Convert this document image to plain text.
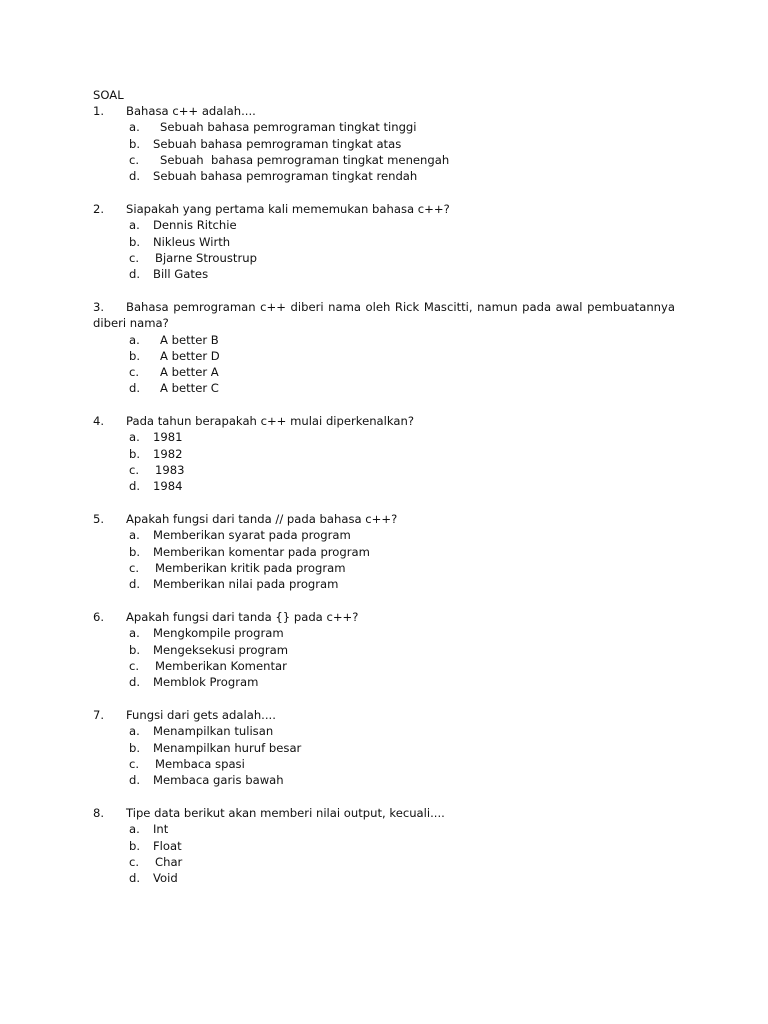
SOAL
1. Bahasa c++ adalah....
a. Sebuah bahasa pemrograman tingkat tinggi
b. Sebuah bahasa pemrograman tingkat atas
c. Sebuah  bahasa pemrograman tingkat menengah
d. Sebuah bahasa pemrograman tingkat rendah
2. Siapakah yang pertama kali mememukan bahasa c++?
a. Dennis Ritchie
b. Nikleus Wirth
c. Bjarne Stroustrup
d. Bill Gates
3. Bahasa pemrograman c++ diberi nama oleh Rick Mascitti, namun pada awal pembuatannya diberi nama?
a. A better B
b. A better D
c. A better A
d. A better C
4. Pada tahun berapakah c++ mulai diperkenalkan?
a. 1981
b. 1982
c. 1983
d. 1984
5. Apakah fungsi dari tanda // pada bahasa c++?
a. Memberikan syarat pada program
b. Memberikan komentar pada program
c. Memberikan kritik pada program
d. Memberikan nilai pada program
6. Apakah fungsi dari tanda {} pada c++?
a. Mengkompile program
b. Mengeksekusi program
c. Memberikan Komentar
d. Memblok Program
7. Fungsi dari gets adalah....
a. Menampilkan tulisan
b. Menampilkan huruf besar
c. Membaca spasi
d. Membaca garis bawah
8. Tipe data berikut akan memberi nilai output, kecuali....
a. Int
b. Float
c. Char
d. Void
